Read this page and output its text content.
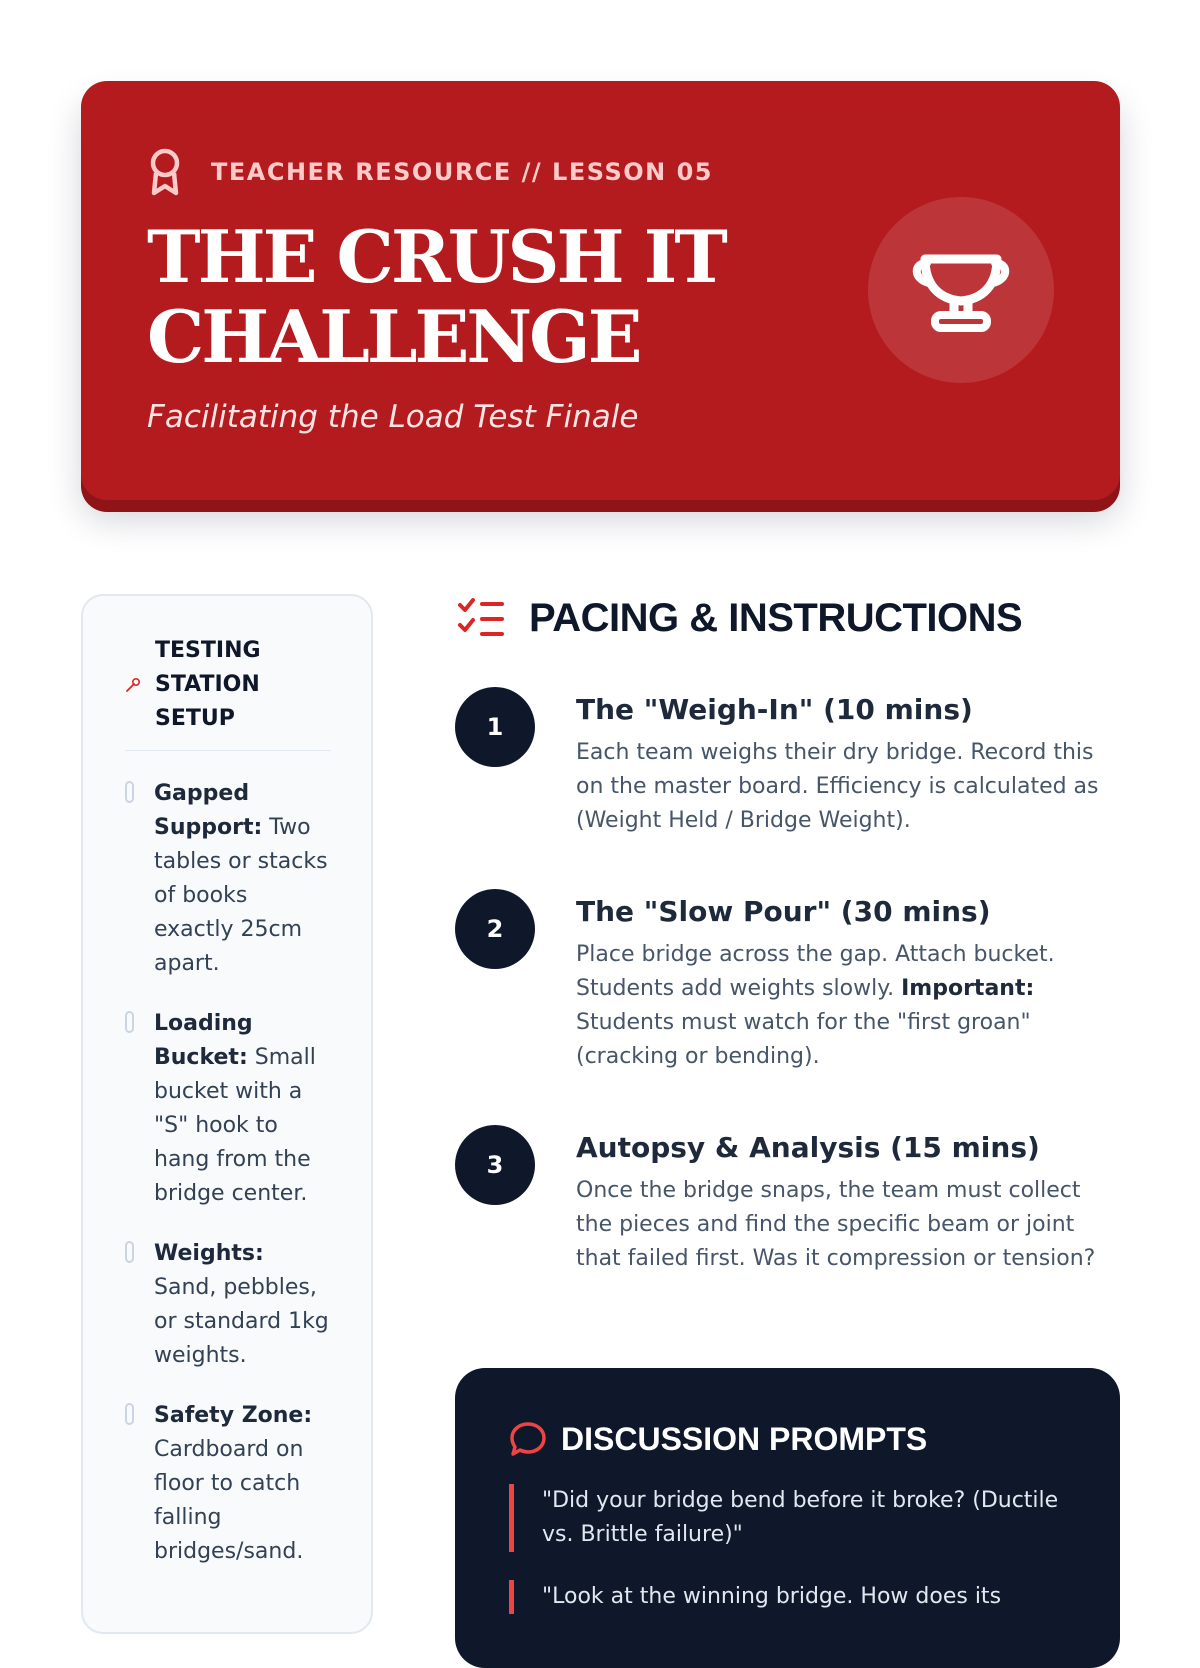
TEACHER RESOURCE // LESSON 05
THE CRUSH IT CHALLENGE
Facilitating the Load Test Finale
TESTING STATION SETUP
Gapped Support: Two tables or stacks of books exactly 25cm apart.
Loading Bucket: Small bucket with a "S" hook to hang from the bridge center.
Weights: Sand, pebbles, or standard 1kg weights.
Safety Zone: Cardboard on floor to catch falling bridges/sand.
PACING & INSTRUCTIONS
1
The "Weigh-In" (10 mins)

Each team weighs their dry bridge. Record this on the master board. Efficiency is calculated as (Weight Held / Bridge Weight).

2
The "Slow Pour" (30 mins)

Place bridge across the gap. Attach bucket. Students add weights slowly. Important: Students must watch for the "first groan" (cracking or bending).

3
Autopsy & Analysis (15 mins)

Once the bridge snaps, the team must collect the pieces and find the specific beam or joint that failed first. Was it compression or tension?

DISCUSSION PROMPTS
"Did your bridge bend before it broke? (Ductile vs. Brittle failure)"
"Look at the winning bridge. How does its
